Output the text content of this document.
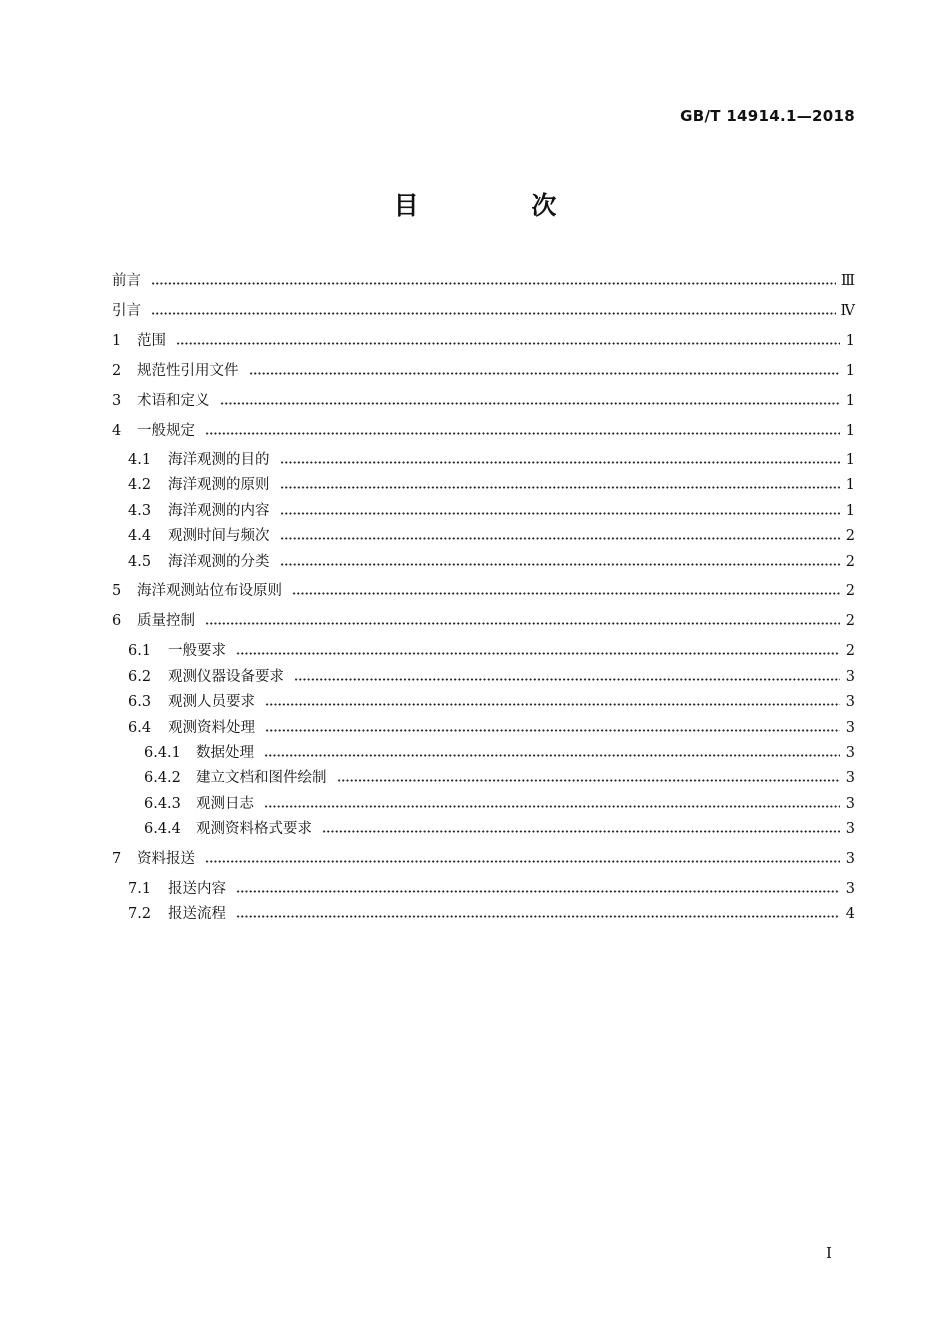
GB/T 14914.1—2018
目 次
前言	Ⅲ
引言	Ⅳ
1	范围	1
2	规范性引用文件	1
3	术语和定义	1
4	一般规定	1
4.1	海洋观测的目的	1
4.2	海洋观测的原则	1
4.3	海洋观测的内容	1
4.4	观测时间与频次	2
4.5	海洋观测的分类	2
5	海洋观测站位布设原则	2
6	质量控制	2
6.1	一般要求	2
6.2	观测仪器设备要求	3
6.3	观测人员要求	3
6.4	观测资料处理	3
6.4.1	数据处理	3
6.4.2	建立文档和图件绘制	3
6.4.3	观测日志	3
6.4.4	观测资料格式要求	3
7	资料报送	3
7.1	报送内容	3
7.2	报送流程	4
I
